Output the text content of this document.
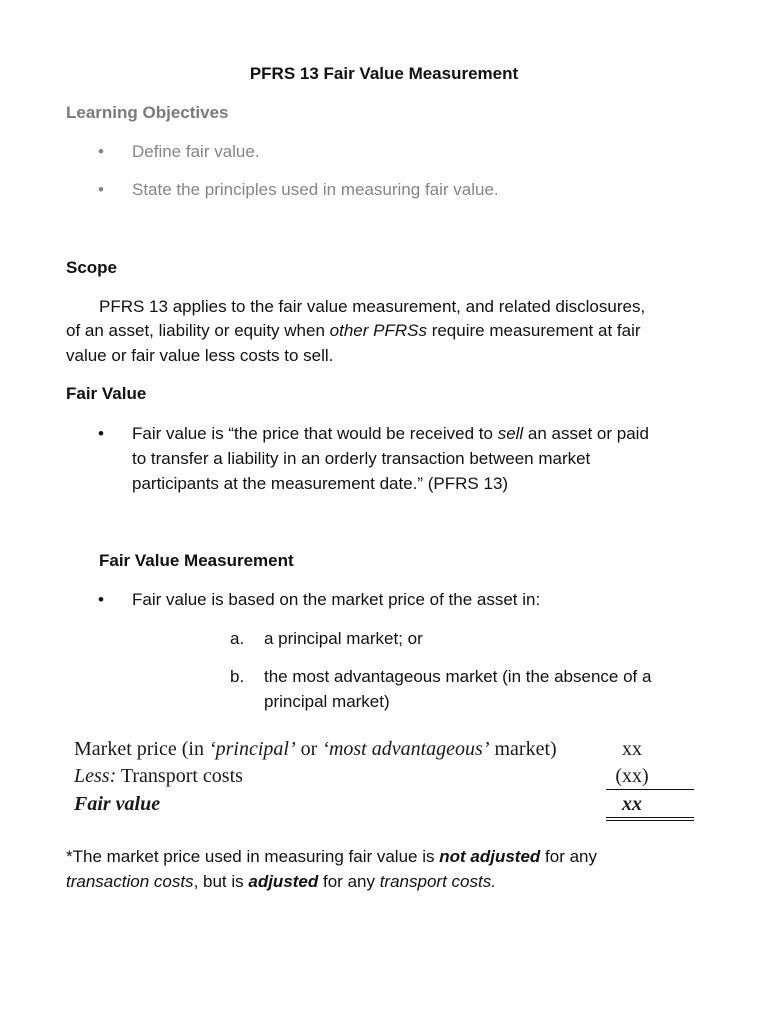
PFRS 13 Fair Value Measurement
Learning Objectives
• Define fair value.
• State the principles used in measuring fair value.
Scope
PFRS 13 applies to the fair value measurement, and related disclosures,
of an asset, liability or equity when other PFRSs require measurement at fair
value or fair value less costs to sell.
Fair Value
• Fair value is “the price that would be received to sell an asset or paid
to transfer a liability in an orderly transaction between market
participants at the measurement date.” (PFRS 13)
Fair Value Measurement
• Fair value is based on the market price of the asset in:
a. a principal market; or
b. the most advantageous market (in the absence of a
principal market)
Market price (in ‘principal’ or ‘most advantageous’ market)	xx
Less: Transport costs	(xx)
Fair value	xx
*The market price used in measuring fair value is not adjusted for any
transaction costs, but is adjusted for any transport costs.
